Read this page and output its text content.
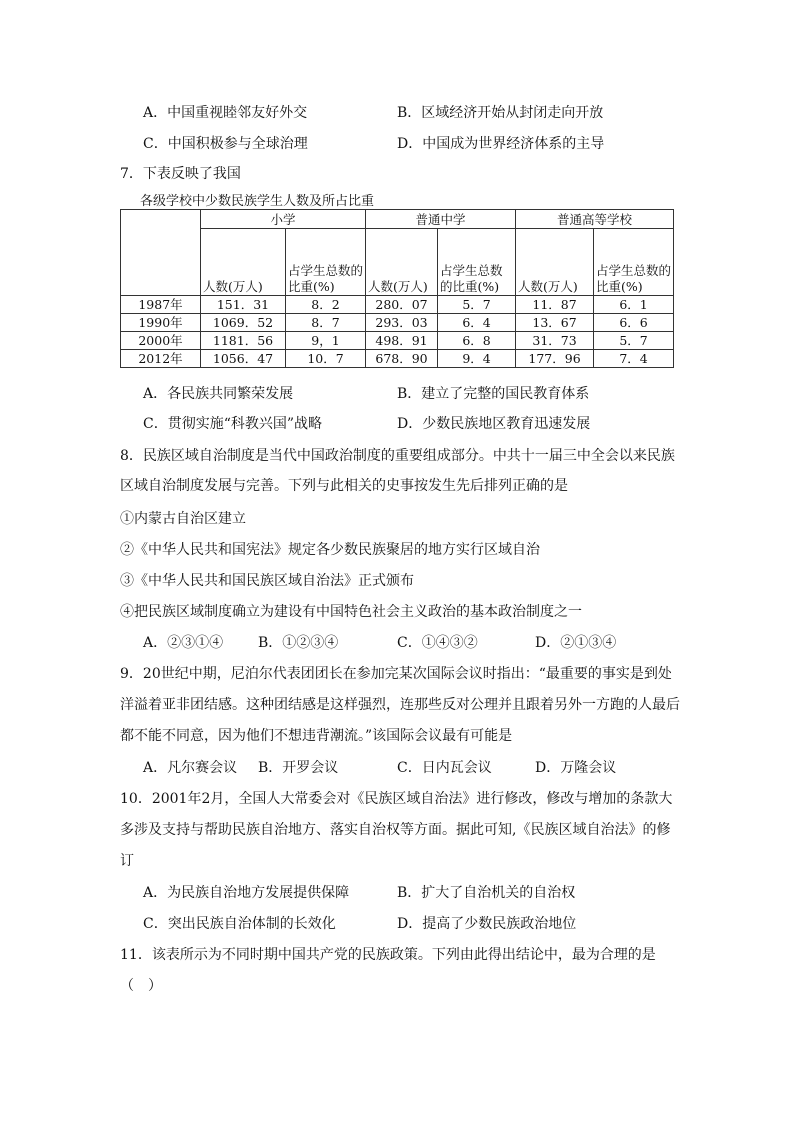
A．中国重视睦邻友好外交	B．区域经济开始从封闭走向开放
C．中国积极参与全球治理	D．中国成为世界经济体系的主导
7．下表反映了我国
各级学校中少数民族学生人数及所占比重
	小学		普通中学		普通高等学校	
	人数(万人)	占学生总数的比重(%)	人数(万人)	占学生总数的比重(%)	人数(万人)	占学生总数的比重(%)
1987年	151．31	8．2	280．07	5．7	11．87	6．1
1990年	1069．52	8．7	293．03	6．4	13．67	6．6
2000年	1181．56	9，1	498．91	6．8	31．73	5．7
2012年	1056．47	10．7	678．90	9．4	177．96	7．4
A．各民族共同繁荣发展	B．建立了完整的国民教育体系
C．贯彻实施“科教兴国”战略	D．少数民族地区教育迅速发展
8．民族区域自治制度是当代中国政治制度的重要组成部分。中共十一届三中全会以来民族
区域自治制度发展与完善。下列与此相关的史事按发生先后排列正确的是
①内蒙古自治区建立
②《中华人民共和国宪法》规定各少数民族聚居的地方实行区域自治
③《中华人民共和国民族区域自治法》正式颁布
④把民族区域制度确立为建设有中国特色社会主义政治的基本政治制度之一
A．②③①④ B．①②③④	C．①④③②	D．②①③④
9．20世纪中期，尼泊尔代表团团长在参加完某次国际会议时指出：“最重要的事实是到处
洋溢着亚非团结感。这种团结感是这样强烈，连那些反对公理并且跟着另外一方跑的人最后
都不能不同意，因为他们不想违背潮流。”该国际会议最有可能是
A．凡尔赛会议 B．开罗会议	C．日内瓦会议	D．万隆会议
10．2001年2月，全国人大常委会对《民族区域自治法》进行修改，修改与增加的条款大
多涉及支持与帮助民族自治地方、落实自治权等方面。据此可知,《民族区域自治法》的修
订
A．为民族自治地方发展提供保障	B．扩大了自治机关的自治权
C．突出民族自治体制的长效化	D．提高了少数民族政治地位
11．该表所示为不同时期中国共产党的民族政策。下列由此得出结论中，最为合理的是
（　）
